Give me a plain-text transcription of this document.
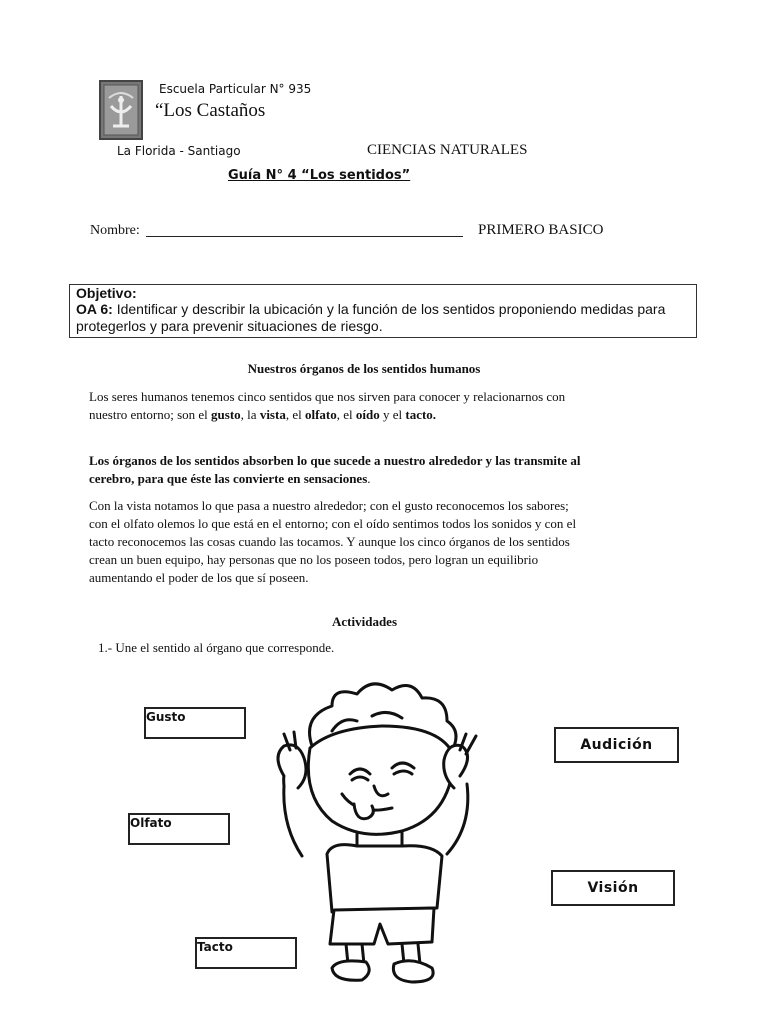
Escuela Particular N° 935
“Los Castaños
La Florida - Santiago	CIENCIAS NATURALES
Guía N° 4 “Los sentidos”
Nombre:	PRIMERO BASICO
Objetivo:
OA 6: Identificar y describir la ubicación y la función de los sentidos proponiendo medidas para protegerlos y para prevenir situaciones de riesgo.
Nuestros órganos de los sentidos humanos
Los seres humanos tenemos cinco sentidos que nos sirven para conocer y relacionarnos con nuestro entorno; son el gusto, la vista, el olfato, el oído y el tacto.
Los órganos de los sentidos absorben lo que sucede a nuestro alrededor y las transmite al cerebro, para que éste las convierte en sensaciones.
Con la vista notamos lo que pasa a nuestro alrededor; con el gusto reconocemos los sabores; con el olfato olemos lo que está en el entorno; con el oído sentimos todos los sonidos y con el tacto reconocemos las cosas cuando las tocamos. Y aunque los cinco órganos de los sentidos crean un buen equipo, hay personas que no los poseen todos, pero logran un equilibrio aumentando el poder de los que sí poseen.
Actividades
1.- Une el sentido al órgano que corresponde.
Gusto
Olfato
Tacto
Audición
Visión
